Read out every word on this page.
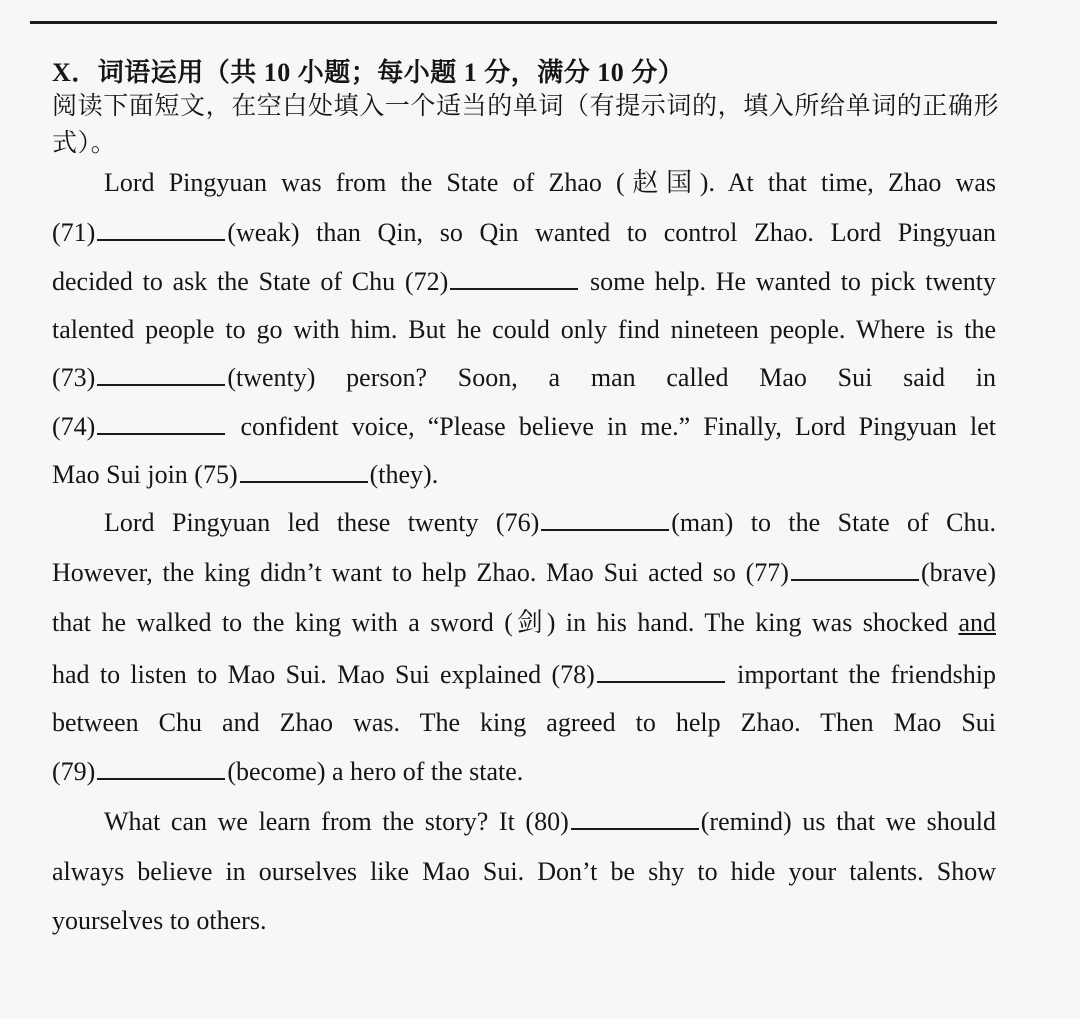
X．词语运用（共 10 小题；每小题 1 分，满分 10 分）
阅读下面短文，在空白处填入一个适当的单词（有提示词的，填入所给单词的正确形式）。
Lord Pingyuan was from the State of Zhao (赵国). At that time, Zhao was
(71)	(weak) than Qin, so Qin wanted to control Zhao. Lord Pingyuan
decided to ask the State of Chu (72)	some help. He wanted to pick twenty
talented people to go with him. But he could only find nineteen people. Where is the
(73)	(twenty) person? Soon, a man called Mao Sui said in
(74)	confident voice, “Please believe in me.” Finally, Lord Pingyuan let
Mao Sui join (75)	(they).
Lord Pingyuan led these twenty (76)	(man) to the State of Chu.
However, the king didn’t want to help Zhao. Mao Sui acted so (77)	(brave)
that he walked to the king with a sword (剑) in his hand. The king was shocked and
had to listen to Mao Sui. Mao Sui explained (78)	important the friendship
between Chu and Zhao was. The king agreed to help Zhao. Then Mao Sui
(79)	(become) a hero of the state.
What can we learn from the story? It (80)	(remind) us that we should
always believe in ourselves like Mao Sui. Don’t be shy to hide your talents. Show
yourselves to others.
